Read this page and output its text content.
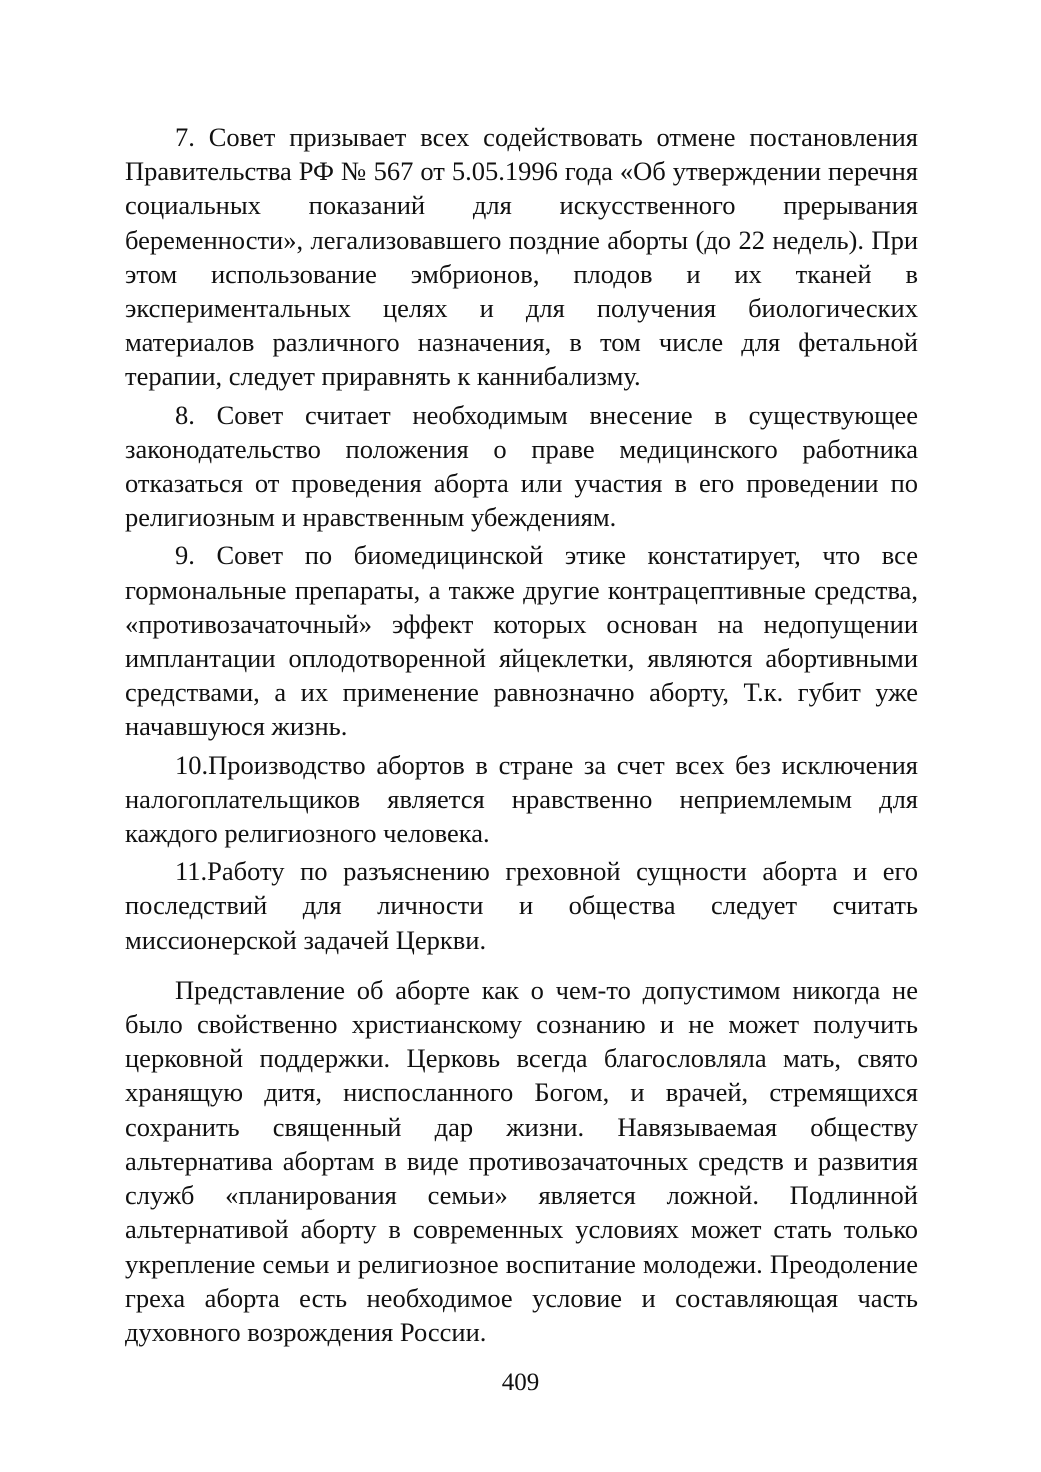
7. Совет призывает всех содействовать отмене постановления Правительства РФ № 567 от 5.05.1996 года «Об утверждении перечня социальных показаний для искусственного прерывания беременности», легализовавшего поздние аборты (до 22 недель). При этом использование эмбрионов, плодов и их тканей в экспериментальных целях и для получения биологических материалов различного назначения, в том числе для фетальной терапии, следует приравнять к каннибализму.

8. Совет считает необходимым внесение в существующее законодательство положения о праве медицинского работника отказаться от проведения аборта или участия в его проведении по религиозным и нравственным убеждениям.

9. Совет по биомедицинской этике констатирует, что все гормональные препараты, а также другие контрацептивные средства, «противозачаточный» эффект которых основан на недопущении имплантации оплодотворенной яйцеклетки, являются абортивными средствами, а их применение равнозначно аборту, Т.к. губит уже начавшуюся жизнь.

10.Производство абортов в стране за счет всех без исключения налогоплательщиков является нравственно неприемлемым для каждого религиозного человека.

11.Работу по разъяснению греховной сущности аборта и его последствий для личности и общества следует считать миссионерской задачей Церкви.

Представление об аборте как о чем-то допустимом никогда не было свойственно христианскому сознанию и не может получить церковной поддержки. Церковь всегда благословляла мать, свято хранящую дитя, ниспосланного Богом, и врачей, стремящихся сохранить священный дар жизни. Навязываемая обществу альтернатива абортам в виде противозачаточных средств и развития служб «планирования семьи» является ложной. Подлинной альтернативой аборту в современных условиях может стать только укрепление семьи и религиозное воспитание молодежи. Преодоление греха аборта есть необходимое условие и составляющая часть духовного возрождения России.

409
